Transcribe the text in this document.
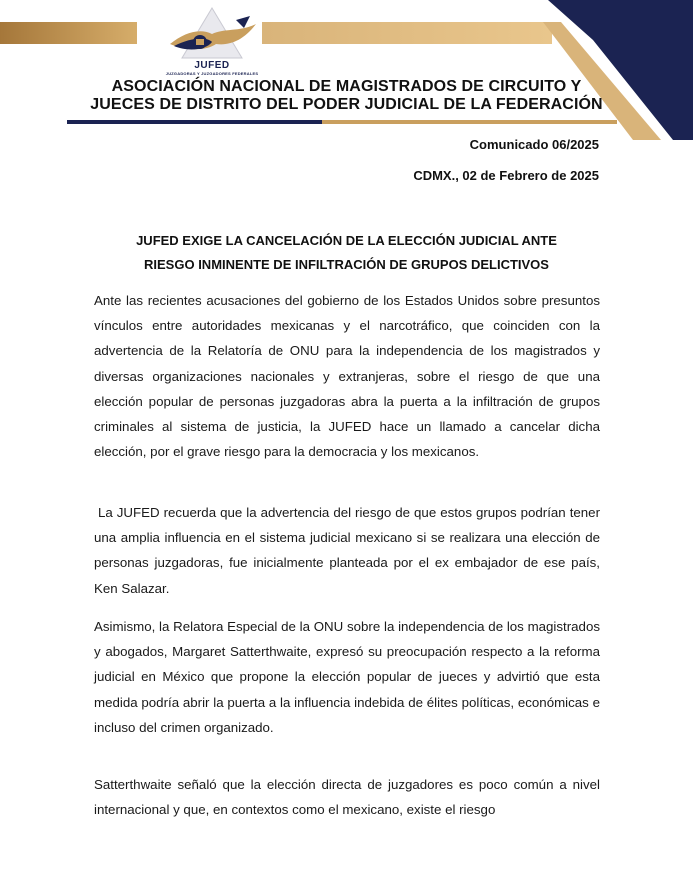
JUFED
JUZGADORAS Y JUZGADORES FEDERALES
ASOCIACIÓN NACIONAL DE MAGISTRADOS DE CIRCUITO Y
JUECES DE DISTRITO DEL PODER JUDICIAL DE LA FEDERACIÓN
Comunicado 06/2025
CDMX., 02 de Febrero de 2025
JUFED EXIGE LA CANCELACIÓN DE LA ELECCIÓN JUDICIAL ANTE
RIESGO INMINENTE DE INFILTRACIÓN DE GRUPOS DELICTIVOS

Ante las recientes acusaciones del gobierno de los Estados Unidos sobre presuntos vínculos entre autoridades mexicanas y el narcotráfico, que coinciden con la advertencia de la Relatoría de ONU para la independencia de los magistrados y diversas organizaciones nacionales y extranjeras, sobre el riesgo de que una elección popular de personas juzgadoras abra la puerta a la infiltración de grupos criminales al sistema de justicia, la JUFED hace un llamado a cancelar dicha elección, por el grave riesgo para la democracia y los mexicanos.

La JUFED recuerda que la advertencia del riesgo de que estos grupos podrían tener una amplia influencia en el sistema judicial mexicano si se realizara una elección de personas juzgadoras, fue inicialmente planteada por el ex embajador de ese país, Ken Salazar.

Asimismo, la Relatora Especial de la ONU sobre la independencia de los magistrados y abogados, Margaret Satterthwaite, expresó su preocupación respecto a la reforma judicial en México que propone la elección popular de jueces y advirtió que esta medida podría abrir la puerta a la influencia indebida de élites políticas, económicas e incluso del crimen organizado.

Satterthwaite señaló que la elección directa de juzgadores es poco común a nivel internacional y que, en contextos como el mexicano, existe el riesgo
